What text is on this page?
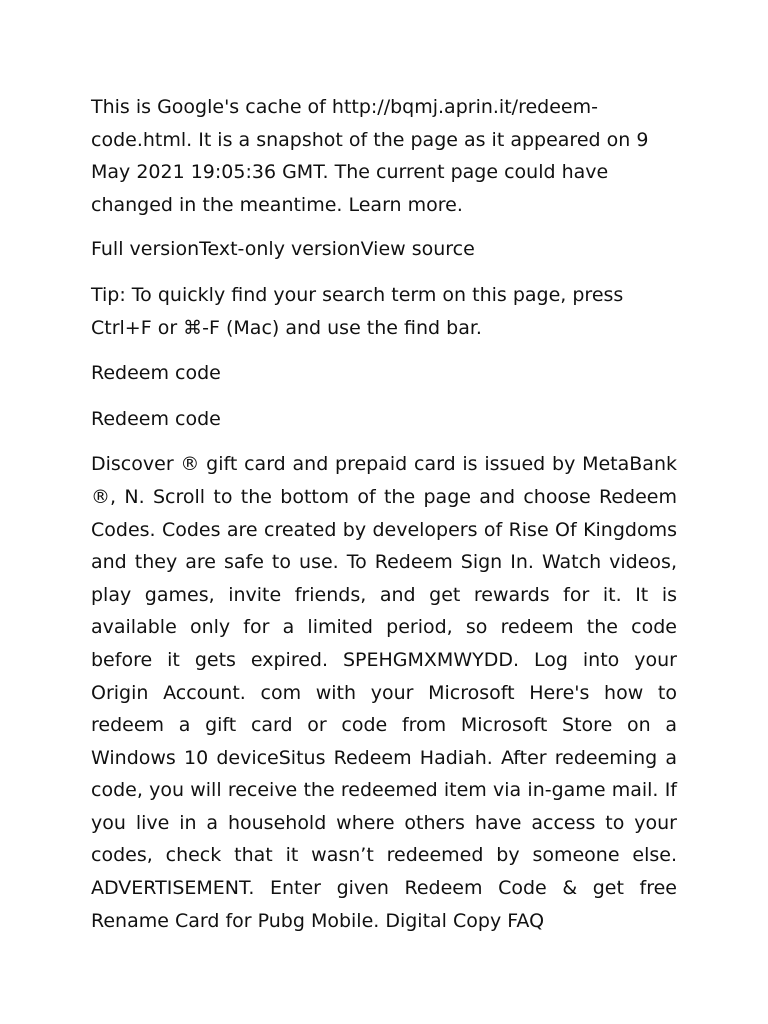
This is Google's cache of http://bqmj.aprin.it/redeem-code.html. It is a snapshot of the page as it appeared on 9 May 2021 19:05:36 GMT. The current page could have changed in the meantime. Learn more.

Full versionText-only versionView source

Tip: To quickly find your search term on this page, press Ctrl+F or ⌘-F (Mac) and use the find bar.

Redeem code

Redeem code

Discover ® gift card and prepaid card is issued by MetaBank ®, N. Scroll to the bottom of the page and choose Redeem Codes. Codes are created by developers of Rise Of Kingdoms and they are safe to use. To Redeem Sign In. Watch videos, play games, invite friends, and get rewards for it. It is available only for a limited period, so redeem the code before it gets expired. SPEHGMXMWYDD. Log into your Origin Account. com with your Microsoft Here's how to redeem a gift card or code from Microsoft Store on a Windows 10 deviceSitus Redeem Hadiah. After redeeming a code, you will receive the redeemed item via in-game mail. If you live in a household where others have access to your codes, check that it wasn’t redeemed by someone else. ADVERTISEMENT. Enter given Redeem Code & get free Rename Card for Pubg Mobile. Digital Copy FAQ
